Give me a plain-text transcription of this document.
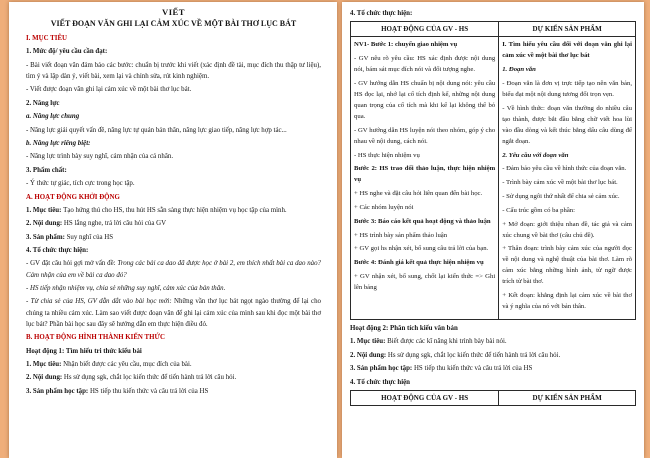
VIẾT
VIẾT ĐOẠN VĂN GHI LẠI CẢM XÚC VỀ MỘT BÀI THƠ LỤC BÁT
I. MỤC TIÊU
1. Mức độ/ yêu cầu cần đạt:
- Bài viết đoạn văn đảm bảo các bước: chuẩn bị trước khi viết (xác định đề tài, mục đích thu thập tư liệu), tìm ý và lập dàn ý, viết bài, xem lại và chỉnh sửa, rút kinh nghiệm.
- Viết được đoạn văn ghi lại cảm xúc về một bài thơ lục bát.
2. Năng lực
a. Năng lực chung
- Năng lực giải quyết vấn đề, năng lực tự quản bản thân, năng lực giao tiếp, năng lực hợp tác...
b. Năng lực riêng biệt:
- Năng lực trình bày suy nghĩ, cảm nhận của cá nhân.
3. Phẩm chất:
- Ý thức tự giác, tích cực trong học tập.
A. HOẠT ĐỘNG KHỞI ĐỘNG
1. Mục tiêu: Tạo hứng thú cho HS, thu hút HS sẵn sàng thực hiện nhiệm vụ học tập của mình.
2. Nội dung: HS lắng nghe, trả lời câu hỏi của GV
3. Sản phẩm: Suy nghĩ của HS
4. Tổ chức thực hiện:
- GV đặt câu hỏi gợi mở vấn đề: Trong các bài ca dao đã được học ở bài 2, em thích nhất bài ca dao nào? Cảm nhận của em về bài ca dao đó?
- HS tiếp nhận nhiệm vụ, chia sẻ những suy nghĩ, cảm xúc của bản thân.
- Từ chia sẻ của HS, GV dẫn dắt vào bài học mới: Những vần thơ lục bát ngọt ngào thường để lại cho chúng ta nhiều cảm xúc. Làm sao viết được đoạn văn để ghi lại cảm xúc của mình sau khi đọc một bài thơ lục bát? Phần bài học sau đây sẽ hướng dẫn em thực hiện điều đó.
B. HOẠT ĐỘNG HÌNH THÀNH KIẾN THỨC
Hoạt động 1: Tìm hiểu tri thức kiểu bài
1. Mục tiêu: Nhận biết được các yêu cầu, mục đích của bài.
2. Nội dung: Hs sử dụng sgk, chắt lọc kiến thức để tiến hành trả lời câu hỏi.
3. Sản phẩm học tập: HS tiếp thu kiến thức và câu trả lời của HS
4. Tổ chức thực hiện:
HOẠT ĐỘNG CỦA GV - HS	DỰ KIẾN SẢN PHẨM

NV1- Bước 1: chuyển giao nhiệm vụ
- GV nêu rõ yêu cầu: HS xác định được nội dung nói, bám sát mục đích nói và đối tượng nghe.
- GV hướng dẫn HS chuẩn bị nội dung nói: yêu cầu HS đọc lại, nhớ lại cổ tích định kể, những nội dung quan trọng của cổ tích mà khi kể lại không thể bỏ qua.
- GV hướng dẫn HS luyện nói theo nhóm, góp ý cho nhau về nội dung, cách nói.
- HS thực hiện nhiệm vụ
Bước 2: HS trao đổi thảo luận, thực hiện nhiệm vụ
+ HS nghe và đặt câu hỏi liên quan đến bài học.
+ Các nhóm luyện nói
Bước 3: Báo cáo kết quả hoạt động và thảo luận
+ HS trình bày sản phẩm thảo luận
+ GV gọi hs nhận xét, bổ sung câu trả lời của bạn.
Bước 4: Đánh giá kết quả thực hiện nhiệm vụ
+ GV nhận xét, bổ sung, chốt lại kiến thức => Ghi lên bảng

I. Tìm hiểu yêu cầu đối với đoạn văn ghi lại cảm xúc về một bài thơ lục bát
1. Đoạn văn
- Đoạn văn là đơn vị trực tiếp tạo nên văn bản, biểu đạt một nội dung tương đối trọn vẹn.
- Về hình thức: đoạn văn thường do nhiều câu tạo thành, được bắt đầu bằng chữ viết hoa lùi vào đầu dòng và kết thúc bằng dấu câu dùng để ngắt đoạn.
2. Yêu cầu với đoạn văn
- Đảm bảo yêu cầu về hình thức của đoạn văn.
- Trình bày cảm xúc về một bài thơ lục bát.
- Sử dụng ngôi thứ nhất để chia sẻ cảm xúc.
- Cấu trúc gồm có ba phần:
+ Mở đoạn: giới thiệu nhan đề, tác giả và cảm xúc chung về bài thơ (câu chủ đề).
+ Thân đoạn: trình bày cảm xúc của người đọc về nội dung và nghệ thuật của bài thơ. Làm rõ cảm xúc bằng những hình ảnh, từ ngữ được trích từ bài thơ.
+ Kết đoạn: khẳng định lại cảm xúc về bài thơ và ý nghĩa của nó với bản thân.
Hoạt động 2: Phân tích kiểu văn bản
1. Mục tiêu: Biết được các kĩ năng khi trình bày bài nói.
2. Nội dung: Hs sử dụng sgk, chắt lọc kiến thức để tiến hành trả lời câu hỏi.
3. Sản phẩm học tập: HS tiếp thu kiến thức và câu trả lời của HS
4. Tổ chức thực hiện
HOẠT ĐỘNG CỦA GV - HS	DỰ KIẾN SẢN PHẨM
